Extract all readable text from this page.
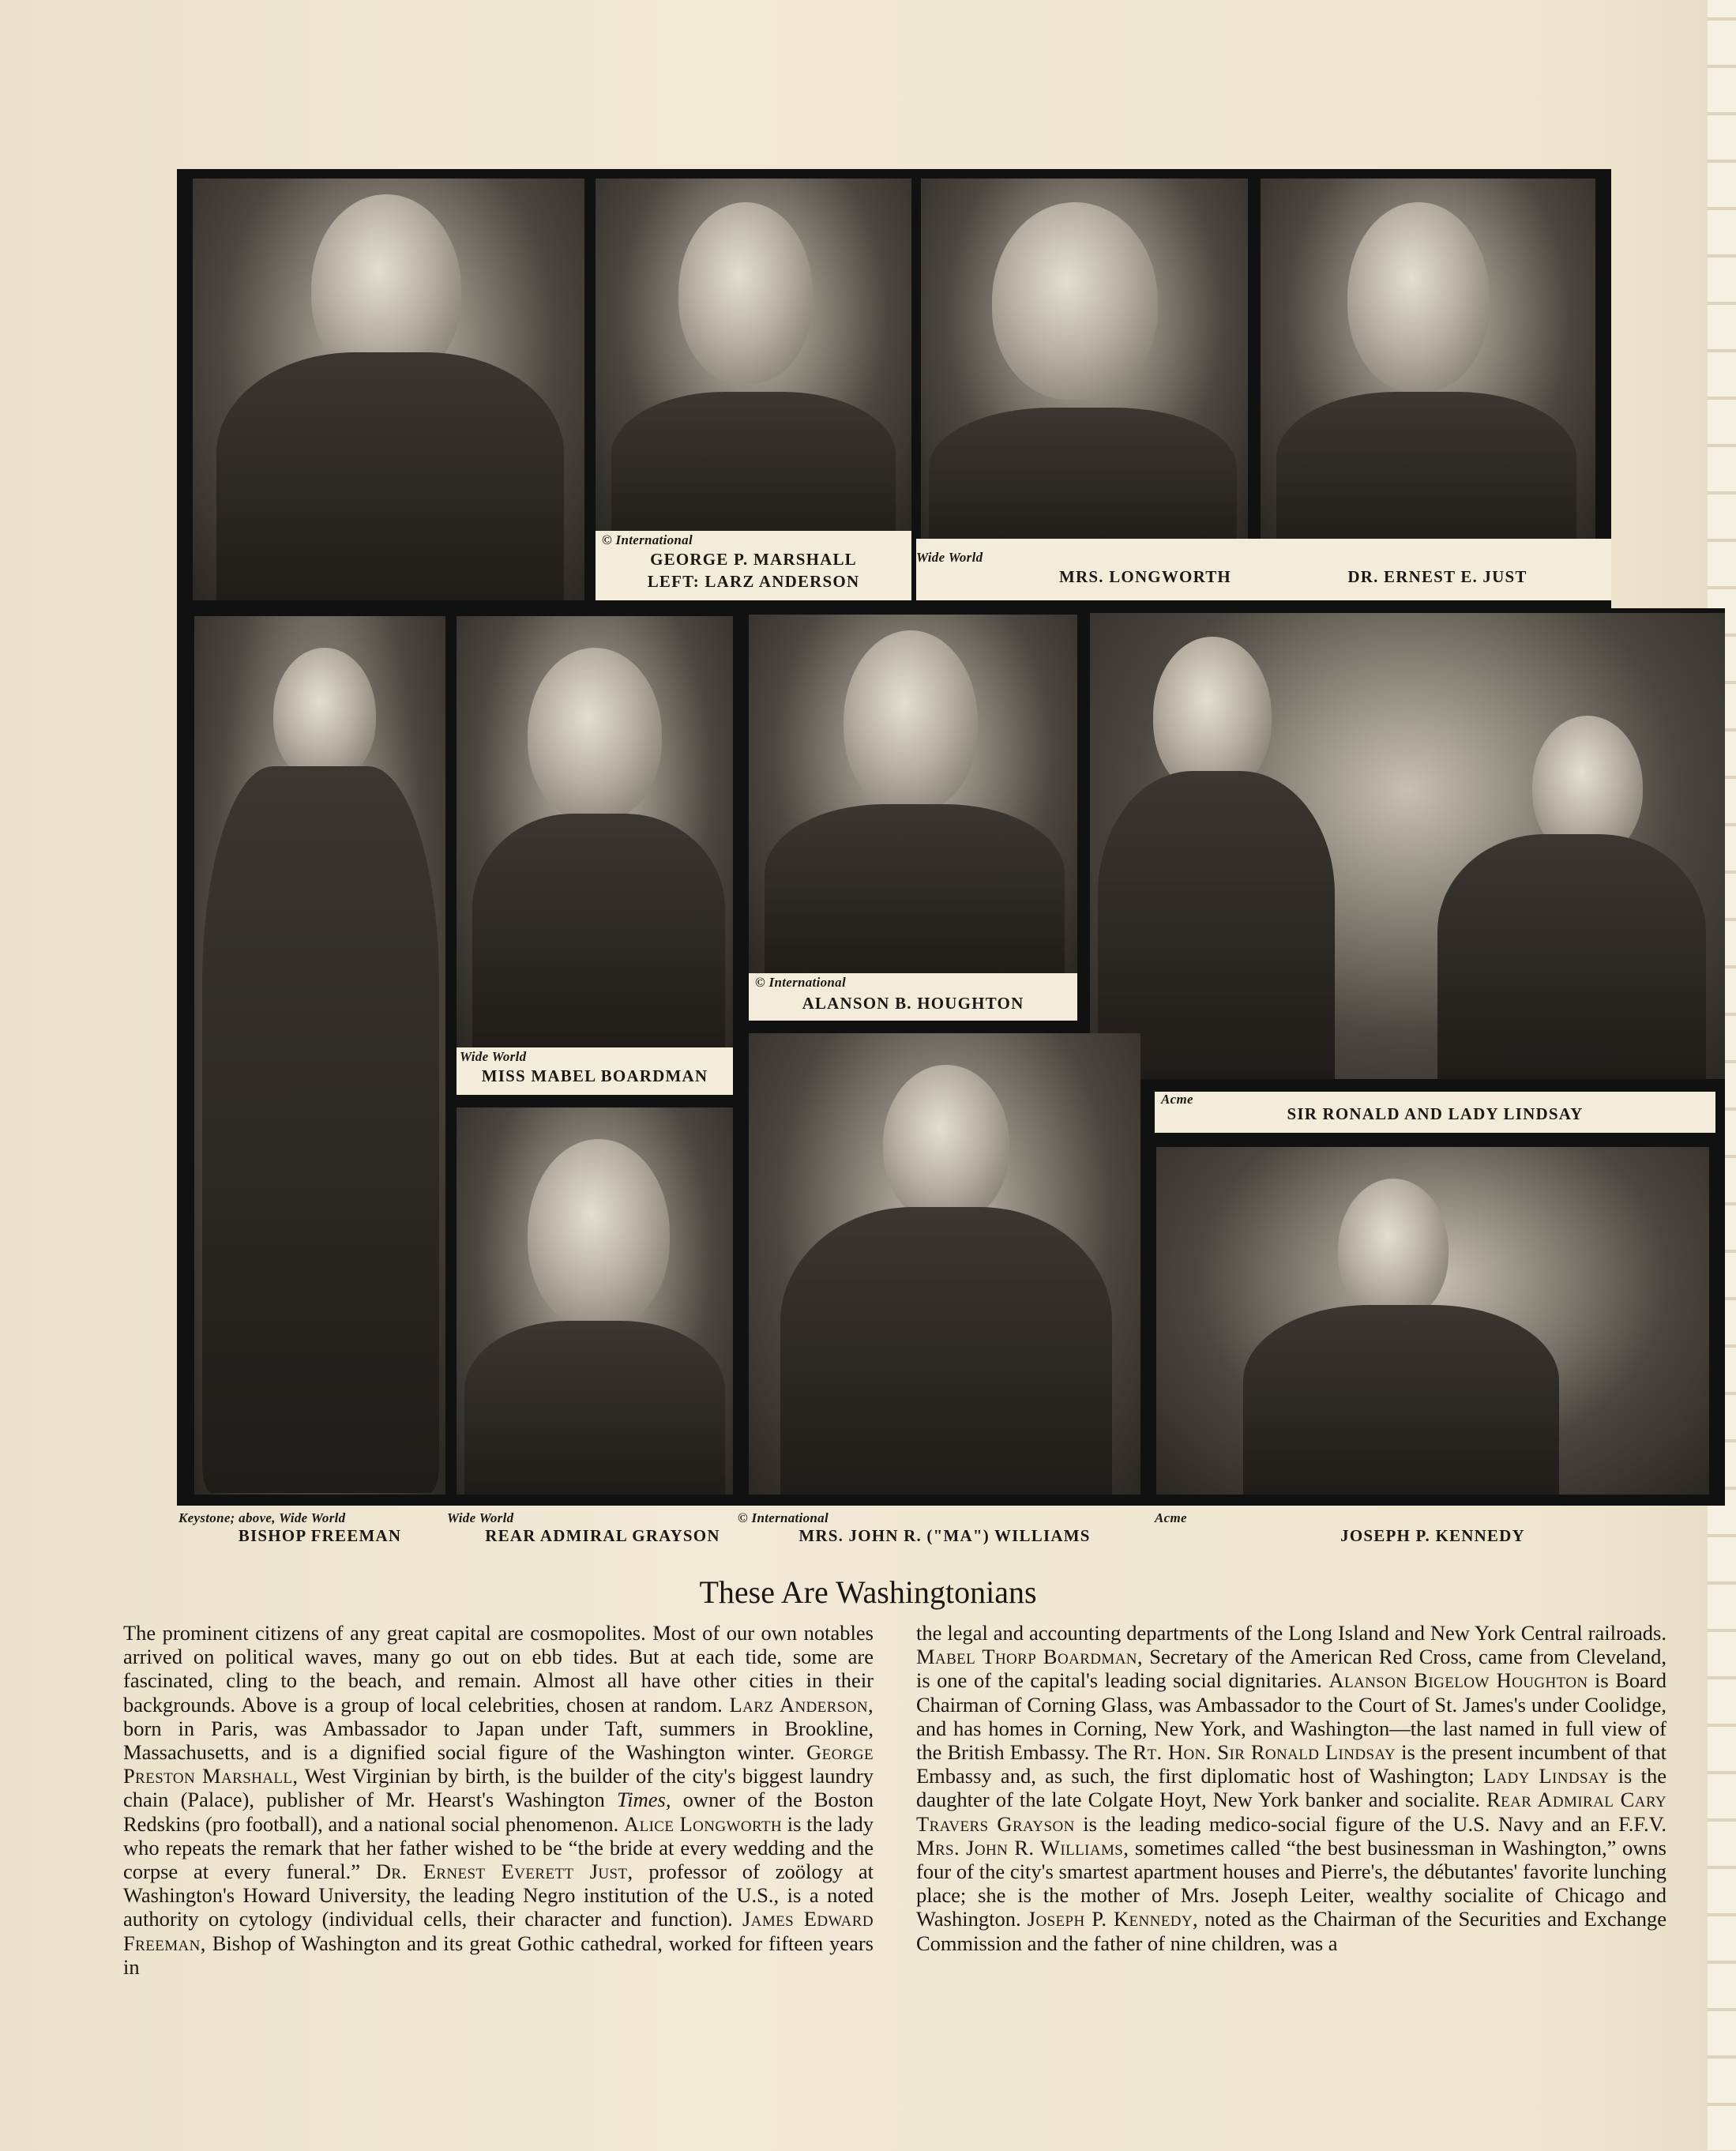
© International
GEORGE P. MARSHALL
LEFT: LARZ ANDERSON
Wide World
MRS. LONGWORTH	DR. ERNEST E. JUST
Wide World
MISS MABEL BOARDMAN
© International
ALANSON B. HOUGHTON
Acme
SIR RONALD AND LADY LINDSAY
Keystone; above, Wide World
BISHOP FREEMAN
Wide World
REAR ADMIRAL GRAYSON
© International
MRS. JOHN R. ("MA") WILLIAMS
Acme
JOSEPH P. KENNEDY
These Are Washingtonians

The prominent citizens of any great capital are cosmopolites. Most of our own notables arrived on political waves, many go out on ebb tides. But at each tide, some are fascinated, cling to the beach, and remain. Almost all have other cities in their backgrounds. Above is a group of local celebrities, chosen at random. Larz Anderson, born in Paris, was Ambassador to Japan under Taft, summers in Brookline, Massachusetts, and is a dignified social figure of the Washington winter. George Preston Marshall, West Virginian by birth, is the builder of the city's biggest laundry chain (Palace), publisher of Mr. Hearst's Washington Times, owner of the Boston Redskins (pro football), and a national social phenomenon. Alice Longworth is the lady who repeats the remark that her father wished to be “the bride at every wedding and the corpse at every funeral.” Dr. Ernest Everett Just, professor of zoölogy at Washington's Howard University, the leading Negro institution of the U.S., is a noted authority on cytology (individual cells, their character and function). James Edward Freeman, Bishop of Washington and its great Gothic cathedral, worked for fifteen years in

the legal and accounting departments of the Long Island and New York Central railroads. Mabel Thorp Boardman, Secretary of the American Red Cross, came from Cleveland, is one of the capital's leading social dignitaries. Alanson Bigelow Houghton is Board Chairman of Corning Glass, was Ambassador to the Court of St. James's under Coolidge, and has homes in Corning, New York, and Washington—the last named in full view of the British Embassy. The Rt. Hon. Sir Ronald Lindsay is the present incumbent of that Embassy and, as such, the first diplomatic host of Washington; Lady Lindsay is the daughter of the late Colgate Hoyt, New York banker and socialite. Rear Admiral Cary Travers Grayson is the leading medico-social figure of the U.S. Navy and an F.F.V. Mrs. John R. Williams, sometimes called “the best businessman in Washington,” owns four of the city's smartest apartment houses and Pierre's, the débutantes' favorite lunching place; she is the mother of Mrs. Joseph Leiter, wealthy socialite of Chicago and Washington. Joseph P. Kennedy, noted as the Chairman of the Securities and Exchange Commission and the father of nine children, was a
